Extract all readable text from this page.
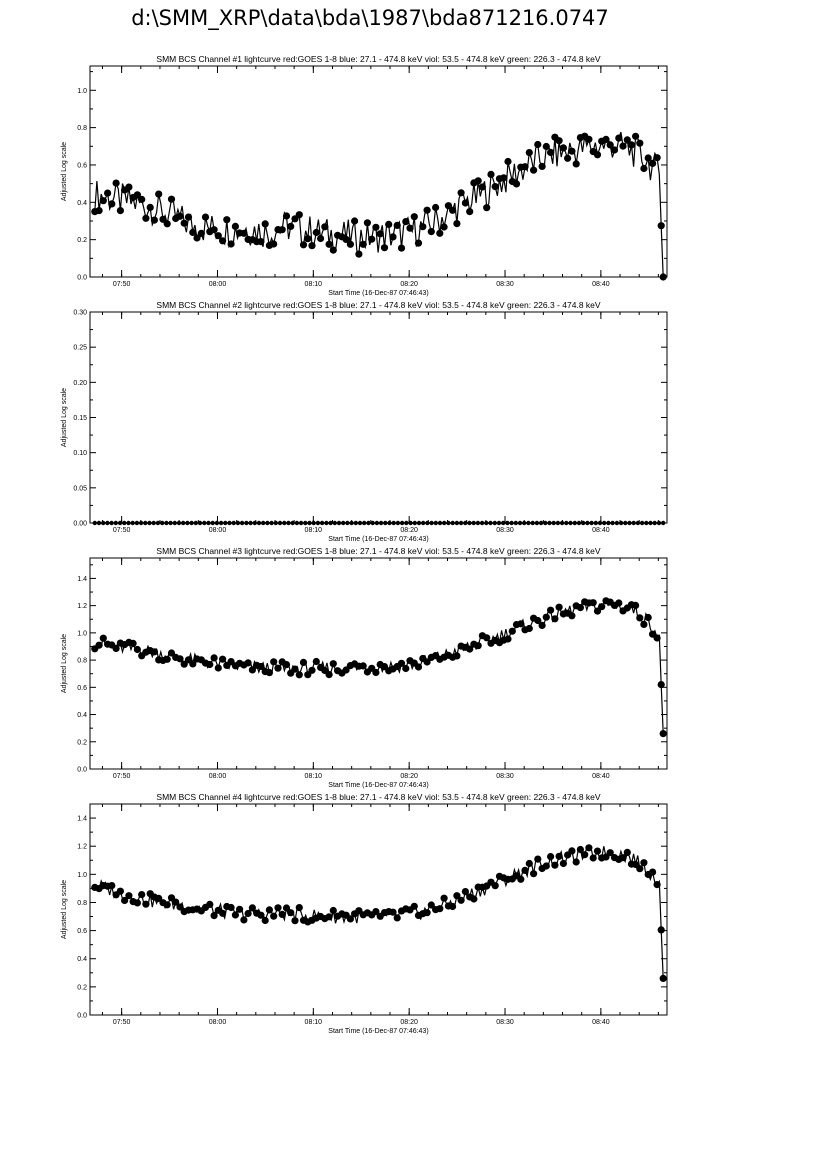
d:\SMM_XRP\data\bda\1987\bda871216.0747
SMM BCS Channel #1 lightcurve red:GOES 1-8 blue: 27.1 - 474.8 keV viol: 53.5 - 474.8 keV green: 226.3 - 474.8 keV
0.0
0.2
0.4
0.6
0.8
1.0
07:50	08:00	08:10	08:20	08:30	08:40
Start Time (16-Dec-87 07:46:43)
Adjusted Log scale
SMM BCS Channel #2 lightcurve red:GOES 1-8 blue: 27.1 - 474.8 keV viol: 53.5 - 474.8 keV green: 226.3 - 474.8 keV
0.00
0.05
0.10
0.15
0.20
0.25
0.30
07:50	08:00	08:10	08:20	08:30	08:40
Start Time (16-Dec-87 07:46:43)
Adjusted Log scale
SMM BCS Channel #3 lightcurve red:GOES 1-8 blue: 27.1 - 474.8 keV viol: 53.5 - 474.8 keV green: 226.3 - 474.8 keV
0.0
0.2
0.4
0.6
0.8
1.0
1.2
1.4
07:50	08:00	08:10	08:20	08:30	08:40
Start Time (16-Dec-87 07:46:43)
Adjusted Log scale
SMM BCS Channel #4 lightcurve red:GOES 1-8 blue: 27.1 - 474.8 keV viol: 53.5 - 474.8 keV green: 226.3 - 474.8 keV
0.0
0.2
0.4
0.6
0.8
1.0
1.2
1.4
07:50	08:00	08:10	08:20	08:30	08:40
Start Time (16-Dec-87 07:46:43)
Adjusted Log scale
